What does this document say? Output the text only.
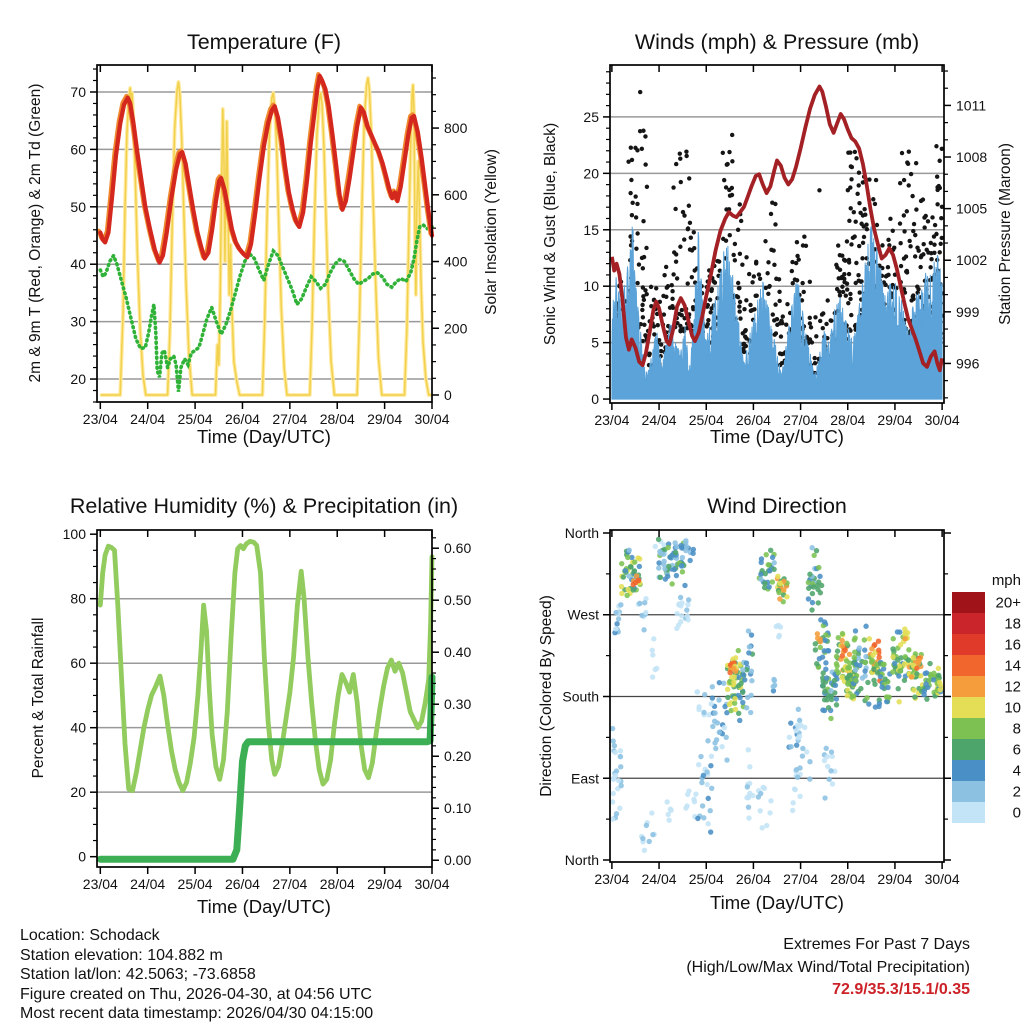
23/04 24/04 25/04 26/04 27/04 28/04 29/04 30/04
20
30
40
50
60
70
0
200
400
600
800
23/04 24/04 25/04 26/04 27/04 28/04 29/04 30/04
0
5
10
15
20
25
996
999
1002
1005
1008
1011
23/04 24/04 25/04 26/04 27/04 28/04 29/04 30/04
0
20
40
60
80
100
0.00
0.10
0.20
0.30
0.40
0.50
0.60
23/04 24/04 25/04 26/04 27/04 28/04 29/04 30/04
North
West
South
East
North
20+
18
16
14
12
10
8
6
4
2
0
Temperature (F)	Winds (mph) & Pressure (mb)
Relative Humidity (%) & Precipitation (in)	Wind Direction
Time (Day/UTC)	Time (Day/UTC)
Time (Day/UTC)	Time (Day/UTC)
2m & 9m T (Red, Orange) & 2m Td (Green)	Solar Insolation (Yellow)	Sonic Wind & Gust (Blue, Black)	Station Pressure (Maroon)
Percent & Total Rainfall	Direction (Colored By Speed)
mph
Location: Schodack
Station elevation: 104.882 m
Station lat/lon: 42.5063; -73.6858
Figure created on Thu, 2026-04-30, at 04:56 UTC
Most recent data timestamp: 2026/04/30 04:15:00
Extremes For Past 7 Days
(High/Low/Max Wind/Total Precipitation)
72.9/35.3/15.1/0.35
